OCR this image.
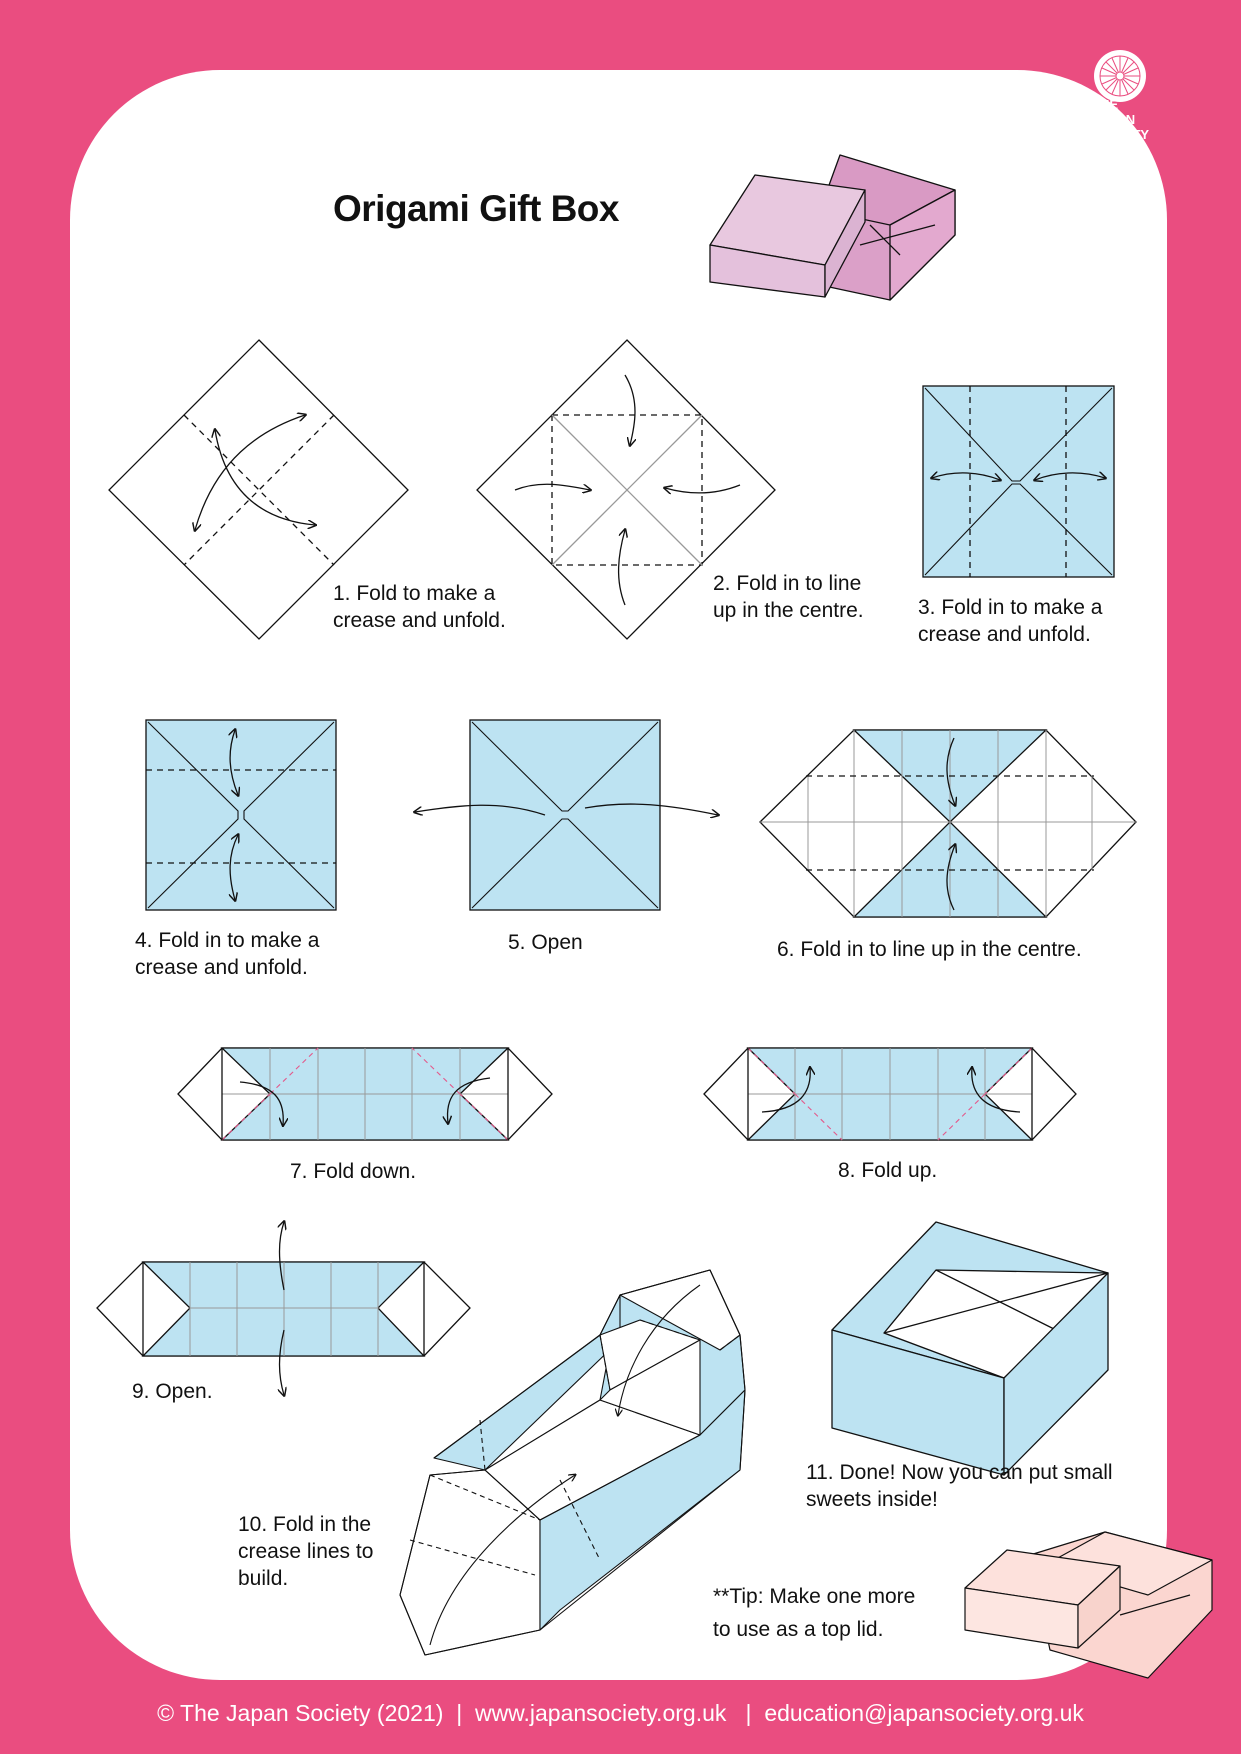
THE
JAPAN
SOCIETY
Origami Gift Box
1. Fold to make a crease and unfold.
2. Fold in to line up in the centre.	3. Fold in to make a crease and unfold.
4. Fold in to make a crease and unfold.
5. Open	6. Fold in to line up in the centre.
7. Fold down.	8. Fold up.
9. Open.
10. Fold in the crease lines to build.
11. Done! Now you can put small sweets inside!
**Tip: Make one more
to use as a top lid.
© The Japan Society (2021) | www.japansociety.org.uk | education@japansociety.org.uk
